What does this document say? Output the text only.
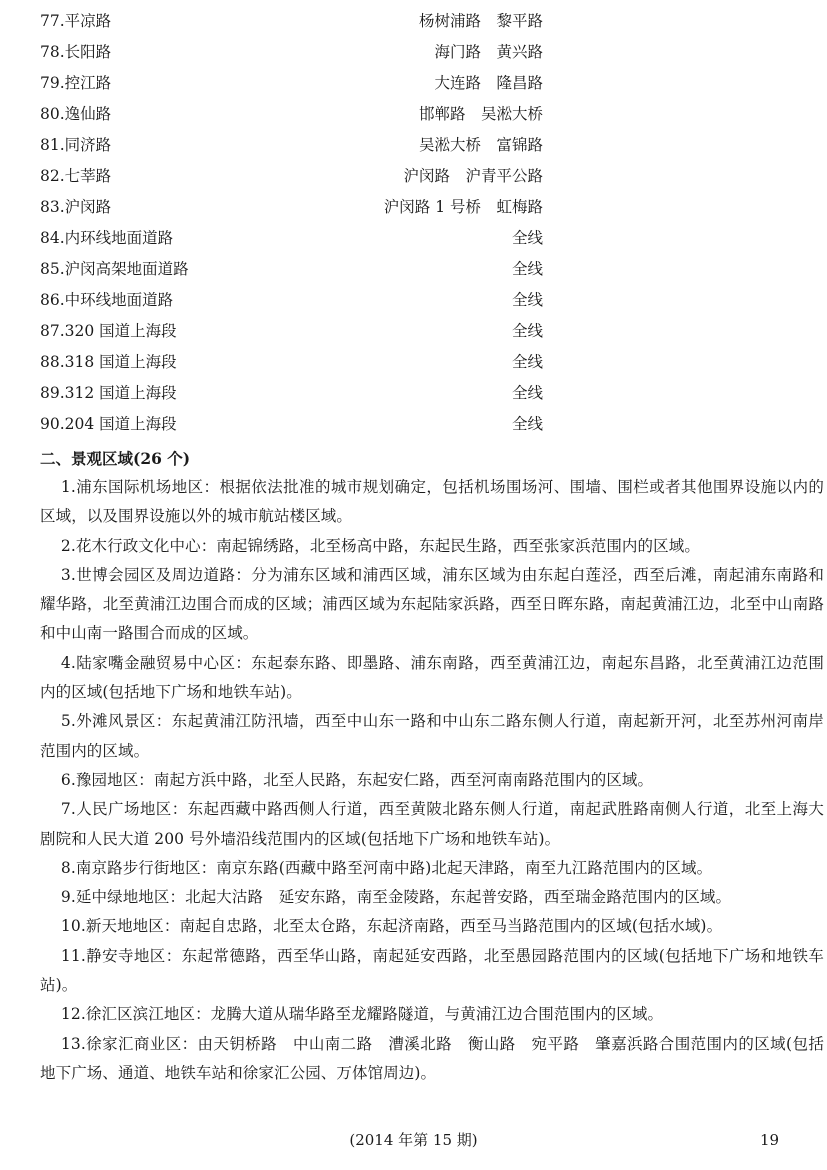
77.平凉路	杨树浦路　黎平路
78.长阳路	海门路　黄兴路
79.控江路	大连路　隆昌路
80.逸仙路	邯郸路　吴淞大桥
81.同济路	吴淞大桥　富锦路
82.七莘路	沪闵路　沪青平公路
83.沪闵路	沪闵路 1 号桥　虹梅路
84.内环线地面道路	全线
85.沪闵高架地面道路	全线
86.中环线地面道路	全线
87.320 国道上海段	全线
88.318 国道上海段	全线
89.312 国道上海段	全线
90.204 国道上海段	全线
二、景观区域(26 个)

1.浦东国际机场地区：根据依法批准的城市规划确定，包括机场围场河、围墙、围栏或者其他围界设施以内的区域，以及围界设施以外的城市航站楼区域。

2.花木行政文化中心：南起锦绣路，北至杨高中路，东起民生路，西至张家浜范围内的区域。

3.世博会园区及周边道路：分为浦东区域和浦西区域，浦东区域为由东起白莲泾，西至后滩，南起浦东南路和耀华路，北至黄浦江边围合而成的区域；浦西区域为东起陆家浜路，西至日晖东路，南起黄浦江边，北至中山南路和中山南一路围合而成的区域。

4.陆家嘴金融贸易中心区：东起泰东路、即墨路、浦东南路，西至黄浦江边，南起东昌路，北至黄浦江边范围内的区域(包括地下广场和地铁车站)。

5.外滩风景区：东起黄浦江防汛墙，西至中山东一路和中山东二路东侧人行道，南起新开河，北至苏州河南岸范围内的区域。

6.豫园地区：南起方浜中路，北至人民路，东起安仁路，西至河南南路范围内的区域。

7.人民广场地区：东起西藏中路西侧人行道，西至黄陂北路东侧人行道，南起武胜路南侧人行道，北至上海大剧院和人民大道 200 号外墙沿线范围内的区域(包括地下广场和地铁车站)。

8.南京路步行街地区：南京东路(西藏中路至河南中路)北起天津路，南至九江路范围内的区域。

9.延中绿地地区：北起大沽路　延安东路，南至金陵路，东起普安路，西至瑞金路范围内的区域。

10.新天地地区：南起自忠路，北至太仓路，东起济南路，西至马当路范围内的区域(包括水域)。

11.静安寺地区：东起常德路，西至华山路，南起延安西路，北至愚园路范围内的区域(包括地下广场和地铁车站)。

12.徐汇区滨江地区：龙腾大道从瑞华路至龙耀路隧道，与黄浦江边合围范围内的区域。

13.徐家汇商业区：由天钥桥路　中山南二路　漕溪北路　衡山路　宛平路　肇嘉浜路合围范围内的区域(包括地下广场、通道、地铁车站和徐家汇公园、万体馆周边)。

(2014 年第 15 期)	19
